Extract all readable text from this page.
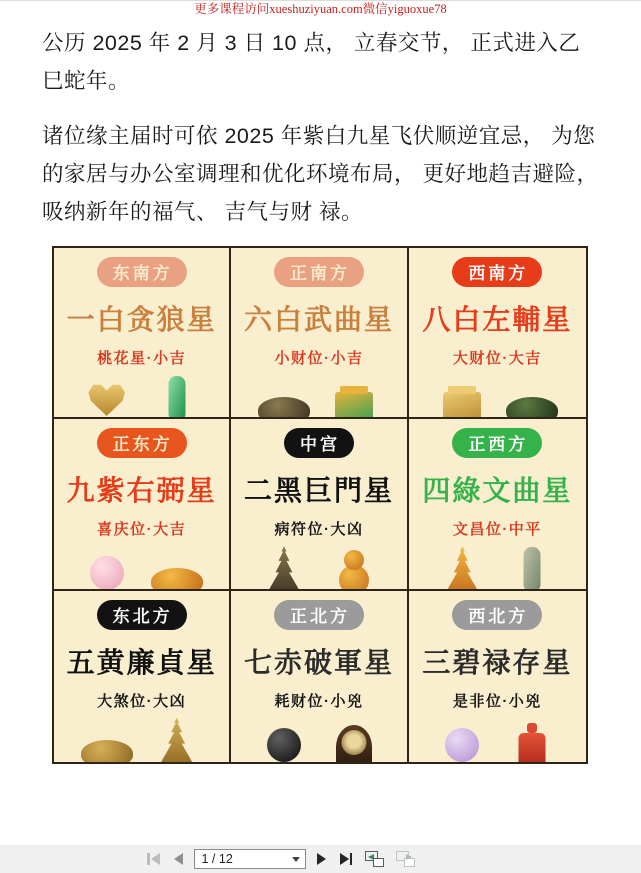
更多课程访问xueshuziyuan.com微信yiguoxue78

公历 2025 年 2 月 3 日 10 点， 立春交节， 正式进入乙巳蛇年。

诸位缘主届时可依 2025 年紫白九星飞伏顺逆宜忌， 为您的家居与办公室调理和优化环境布局， 更好地趋吉避险， 吸纳新年的福气、 吉气与财 禄。

东南方
一白贪狼星
桃花星·小吉
正南方
六白武曲星
小财位·小吉
西南方
八白左輔星
大财位·大吉
正东方
九紫右弼星
喜庆位·大吉
中宫
二黑巨門星
病符位·大凶
正西方
四綠文曲星
文昌位·中平
东北方
五黄廉貞星
大煞位·大凶
正北方
七赤破軍星
耗财位·小兇
西北方
三碧禄存星
是非位·小兇
1 / 12
